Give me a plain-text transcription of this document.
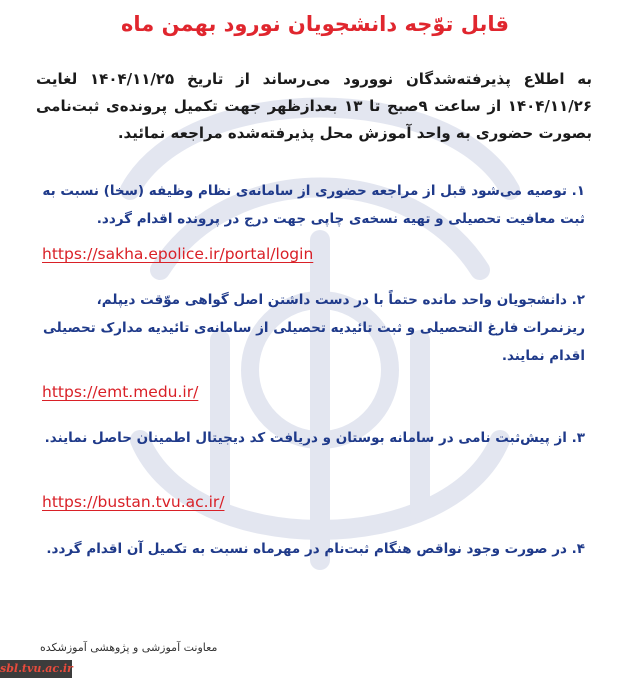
قابل توّجه دانشجویان نورود بهمن ماه

به اطلاع پذیرفته‌شدگان نوورود می‌رساند از تاریخ ۱۴۰۴/۱۱/۲۵ لغایت ۱۴۰۴/۱۱/۲۶ از ساعت ۹صبح تا ۱۳ بعدازظهر جهت تکمیل پرونده‌ی ثبت‌نامی بصورت حضوری به واحد آموزش محل پذیرفته‌شده مراجعه نمائید.

۱. توصیه می‌شود قبل از مراجعه حضوری از سامانه‌ی نظام وظیفه (سخا) نسبت به ثبت معافیت تحصیلی و تهیه نسخه‌ی چاپی جهت درج در پرونده اقدام گردد.

https://sakha.epolice.ir/portal/login

۲. دانشجویان واحد مانده حتماً با در دست داشتن اصل گواهی موّقت دیپلم، ریزنمرات فارغ التحصیلی و ثبت تائیدیه تحصیلی از سامانه‌ی تائیدیه مدارک تحصیلی اقدام نمایند.

https://emt.medu.ir/

۳. از پیش‌ثبت نامی در سامانه بوستان و دریافت کد دیجیتال اطمینان حاصل نمایند.

https://bustan.tvu.ac.ir/

۴. در صورت وجود نواقص هنگام ثبت‌نام در مهرماه نسبت به تکمیل آن اقدام گردد.

معاونت آموزشی و پژوهشی آموزشکده
sbl.tvu.ac.ir
